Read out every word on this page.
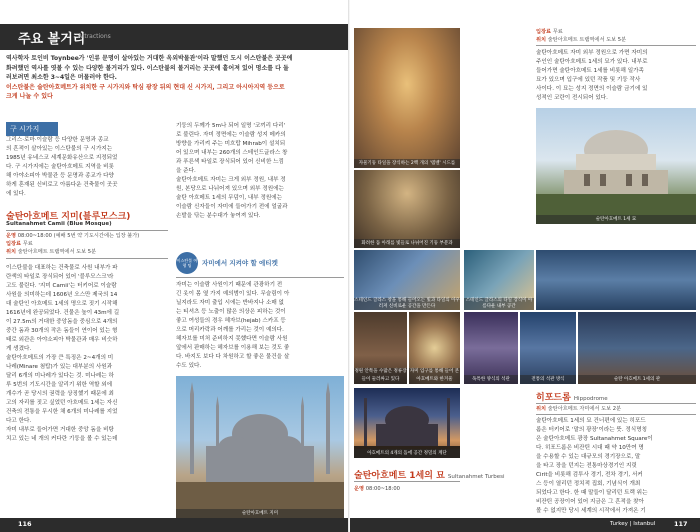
주요 볼거리
Attractions

역사학자 토인비 Toynbee가 '인류 문명이 살아있는 거대한 옥외박물관'이라 말했던 도시 이스탄불은 곳곳에

화려했던 역사를 엿볼 수 있는 다양한 볼거리가 있다. 이스탄불의 볼거리는 곳곳에 흩어져 있어 명소를 다 둘

러보려면 최소한 3~4일은 머물러야 한다.

이스탄불은 술탄아흐메트가 위치한 구 시가지와 탁심 광장 뒤의 현대 신 시가지, 그리고 아시아지역 등으로

크게 나눌 수 있다

구 시가지

그리스·로마·이슬람 등 다양한 문명과 종교

의 흔적이 살아있는 이스탄불의 구 시가지는

1985년 유네스코 세계문화유산으로 지정되었

다. 구 시가지에는 술탄아흐메트 지역을 비롯

해 아야소피아 박물관 등 문명과 종교가 다양

하게 혼재된 신비로고 아름다운 건축물이 곳곳

에 있다.

술탄아흐메트 지미(블루모스크)
Sultanahmet Camii (Blue Mosque)
운영 08:00~18:00 (예배 5번 약 기도시간에는 입장 불가)
입장료 무료
위치 술탄아흐메트 트램역에서 도보 5분

이스탄불을 대표하는 건축물로 사원 내부가 파

란색의 타일로 장식되어 있어 '블루모스크'라

고도 불린다. '지미 Camii'는 터키어로 이슬람

사원을 의미하는데 1606년 오스만 제국의 14

대 술탄인 아흐메트 1세의 명으로 짓기 시작해

1616년에 완공되었다. 건물은 높이 43m에 길

이 27.5m의 거대한 중앙돔을 중심으로 4개의

중간 돔과 30개의 작은 돔들이 연이어 있는 형

태로 외관은 아야소피아 박물관과 매우 비슷하

게 생겼다.

술탄아흐메트의 가장 큰 특징은 2~4개의 미

나레(Minare 첨탑)가 있는 대부분의 사원과

달리 6개의 미나레가 있다는 것. 미나레는 하

루 5번의 기도시간을 알리기 위한 역할 외에

개수가 곧 당시의 권력을 상징했기 때문에 최

고의 자리를 짓고 싶었던 아흐메트 1세는 자신

건축의 전통을 무시한 채 6개의 미나레를 지었

다고 한다.

자미 내부로 들어가면 거대한 중앙 돔을 비탕

치고 있는 네 개의 커다란 기둥을 볼 수 있는데

기둥의 두께가 5m나 되어 일명 '코끼리 다리'

로 불린다. 자미 정면에는 이슬람 성지 메카의

방향을 가리켜 주는 미흐랍 Mihrab이 설치되

어 있으며 내부는 260개의 스테인드글라스 창

과 푸른색 타일로 장식되어 있어 신비한 느낌

을 준다.

술탄아흐메트 자미는 크게 외부 정원, 내부 정

원, 본당으로 나뉘어져 있으며 외부 정원에는

술탄 아흐메트 1세의 무덤이, 내부 정원에는

이슬람 신자들이 자미에 들어가기 전에 얼굴과

손발을 닦는 분수대가 놓여져 있다.

이스탄불 여행 팁	자미에서 지켜야 할 에티켓

자미는 이슬람 사원이기 때문에 관광하기 전

긴 옷이 몸 옆 가지 예의범이 있다. 무슬림이 아

닐지라도 자미 출입 시에는 반바지나 소매 없

는 티셔츠 등 노출이 많은 의상은 피하는 것이

좋고 여성들의 경우 헤자브(hejab) 스카프 등

으로 머리카락과 어깨를 가리는 것이 예의다.

헤자브를 미처 준비하지 못했다면 이슬람 사원

앞에서 판매하는 헤자브를 이용해 보는 것도 좋

다. 바지도 보다 다 차원하고 할 좋은 물건을 살

수도 있다.

술탄아흐메트 지미
116
자물기둥 타일을 장식하는 2백 개의 '뎀벨' 시드를
화려한 돔 아래를 빛들로 나뉘어진 기둥 부분과
입장료 무료
위치 술탄아흐메트 트램역에서 도보 5분

술탄아흐메트 자미 외부 정원으로 가면 자미의

주인인 술탄아흐메트 1세의 묘가 있다. 내부로

들어가면 술탄아흐메트 1세를 비롯해 일가족

묘가 있으며 입구에 있던 작품 및 기둥 작사

사이다. 이 묘는 성지 정면의 이슬람 금기에 있

성적인 코란이 전시되어 있다.

술탄아흐메트 1세 묘
스테인드 글라스 창을 통해 들어오는 빛과 타일의 아우러져 신비로운 공간을 만든다
정원 안쪽을 수많은 정류장들이 둘러싸고 있다
자미 입구를 통해 들어 본 아흐메트와 한겨울
아흐메트의 4개의 돔에 공간 정밀의 계단
술탄아흐메트 1세의 묘 Sultanahmet Turbesi
운영 08:00~18:00
스테인드 글라스의 타일 장식이 아름다운 내부 공간
독특한 양식의 석관	전통의 석관 방식	술탄 아흐메트 1세의 관
히포드롬 Hippodrome
위치 술탄아흐메트 자미에서 도보 2분

술탄아흐메트 1세의 묘 건너편에 있는 히포드

롬은 터키어로 '말의 광장'이라는 뜻. 정식명칭

은 술탄아흐메트 광장 Sultanahmet Square이

다. 히포드롬은 비잔틴 시대 때 약 10만여 명

을 수용할 수 있는 대규모의 경기장으로, 말

을 타고 장을 던지는 전통마상경기인 지릿

Cirit을 비롯해 검투사 경기, 전차 경기, 서커

스 등이 열리던 정치적 집회, 기념식이 개최

되었다고 한다. 한 때 말들이 달리던 트랙 위는

비잔틴 공장이어 있어 지금은 그 흔적을 찾아

볼 수 없지만 당시 세계의 시작에서 가져온 기

Turkey | Istanbul	117
